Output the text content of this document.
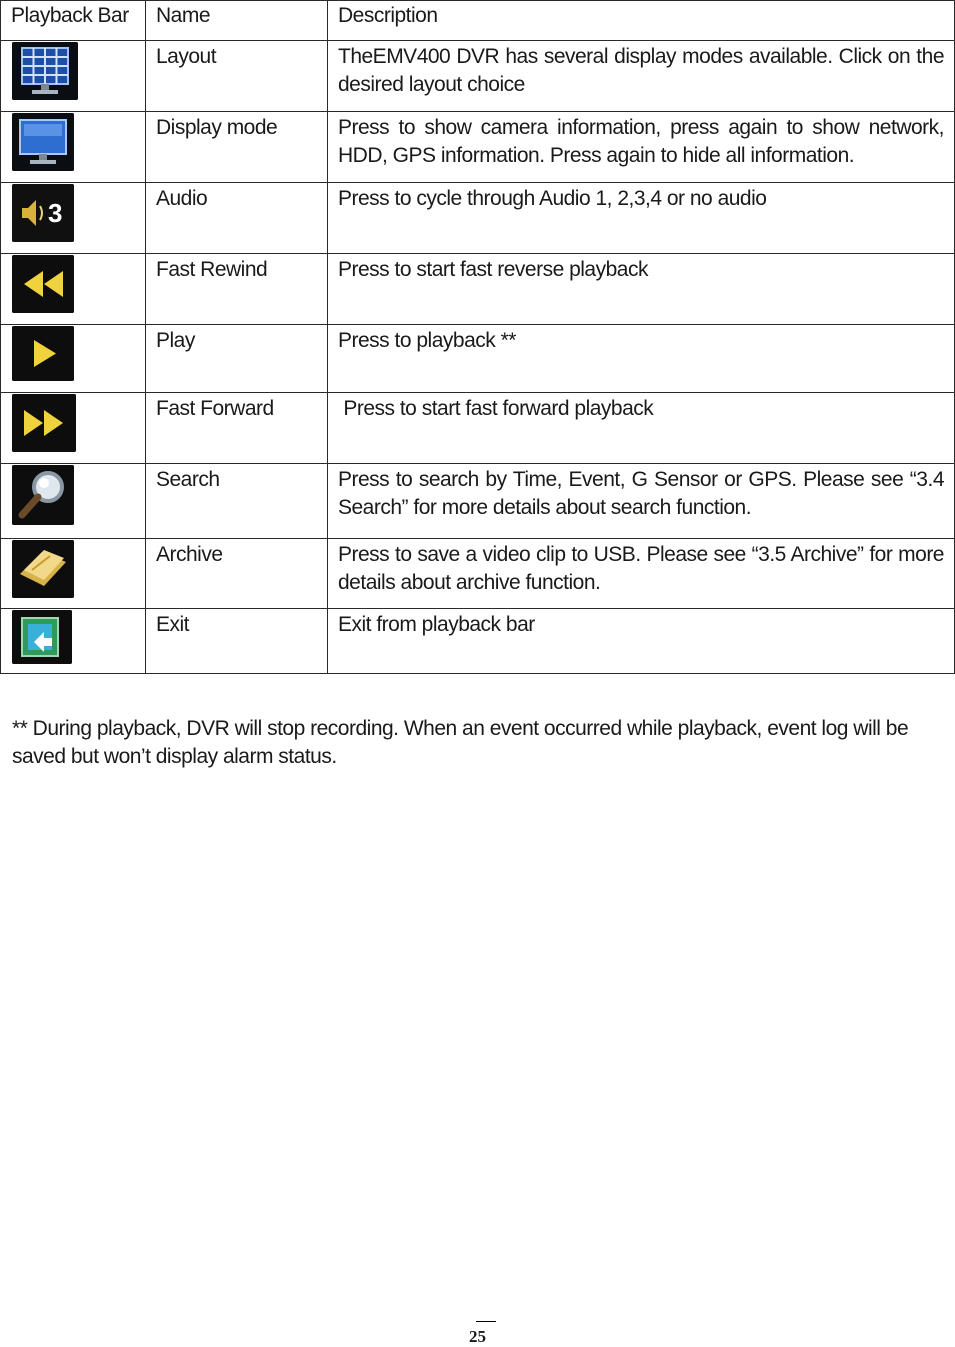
Playback Bar	Name	Description

	Layout	TheEMV400 DVR has several display modes available. Click on the desired layout choice

	Display mode	Press to show camera information, press again to show network, HDD, GPS information. Press again to hide all information.

3	Audio	Press to cycle through Audio 1, 2,3,4 or no audio

	Fast Rewind	Press to start fast reverse playback

	Play	Press to playback **

	Fast Forward	Press to start fast forward playback

	Search	Press to search by Time, Event, G Sensor or GPS. Please see “3.4 Search” for more details about search function.

	Archive	Press to save a video clip to USB. Please see “3.5 Archive” for more details about archive function.

	Exit	Exit from playback bar
** During playback, DVR will stop recording. When an event occurred while playback, event log will be saved but won’t display alarm status.
25
